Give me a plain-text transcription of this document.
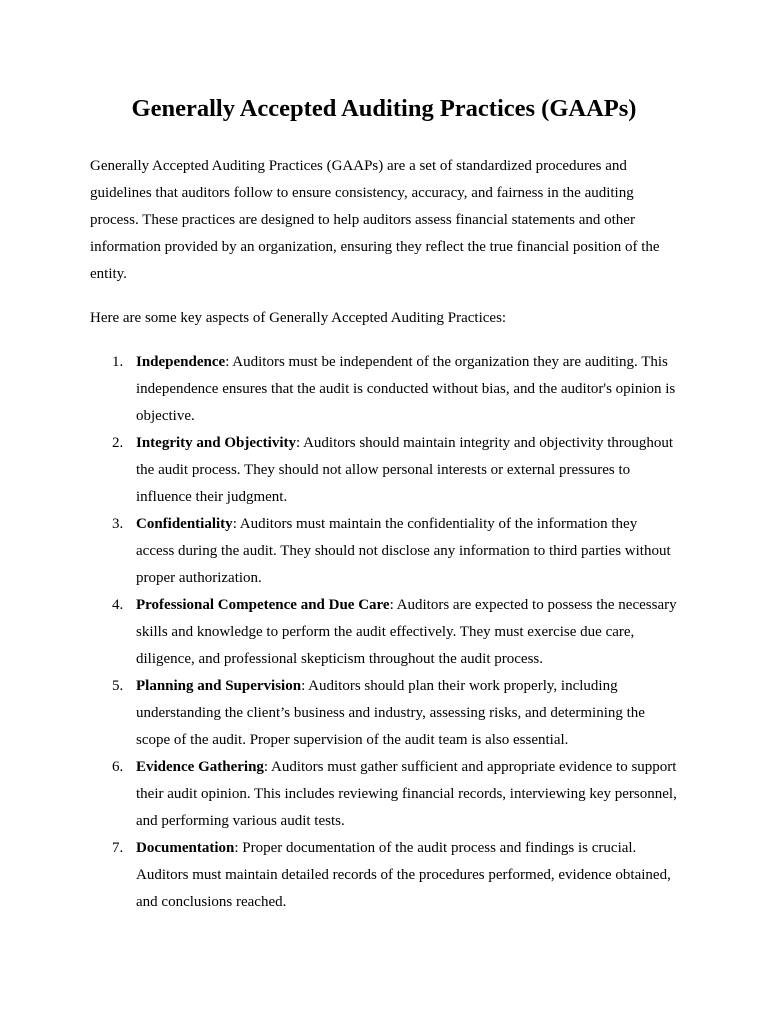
Generally Accepted Auditing Practices (GAAPs)

Generally Accepted Auditing Practices (GAAPs) are a set of standardized procedures and guidelines that auditors follow to ensure consistency, accuracy, and fairness in the auditing process. These practices are designed to help auditors assess financial statements and other information provided by an organization, ensuring they reflect the true financial position of the entity.

Here are some key aspects of Generally Accepted Auditing Practices:

1. Independence: Auditors must be independent of the organization they are auditing. This independence ensures that the audit is conducted without bias, and the auditor's opinion is objective.
2. Integrity and Objectivity: Auditors should maintain integrity and objectivity throughout the audit process. They should not allow personal interests or external pressures to influence their judgment.
3. Confidentiality: Auditors must maintain the confidentiality of the information they access during the audit. They should not disclose any information to third parties without proper authorization.
4. Professional Competence and Due Care: Auditors are expected to possess the necessary skills and knowledge to perform the audit effectively. They must exercise due care, diligence, and professional skepticism throughout the audit process.
5. Planning and Supervision: Auditors should plan their work properly, including understanding the client’s business and industry, assessing risks, and determining the scope of the audit. Proper supervision of the audit team is also essential.
6. Evidence Gathering: Auditors must gather sufficient and appropriate evidence to support their audit opinion. This includes reviewing financial records, interviewing key personnel, and performing various audit tests.
7. Documentation: Proper documentation of the audit process and findings is crucial. Auditors must maintain detailed records of the procedures performed, evidence obtained, and conclusions reached.
